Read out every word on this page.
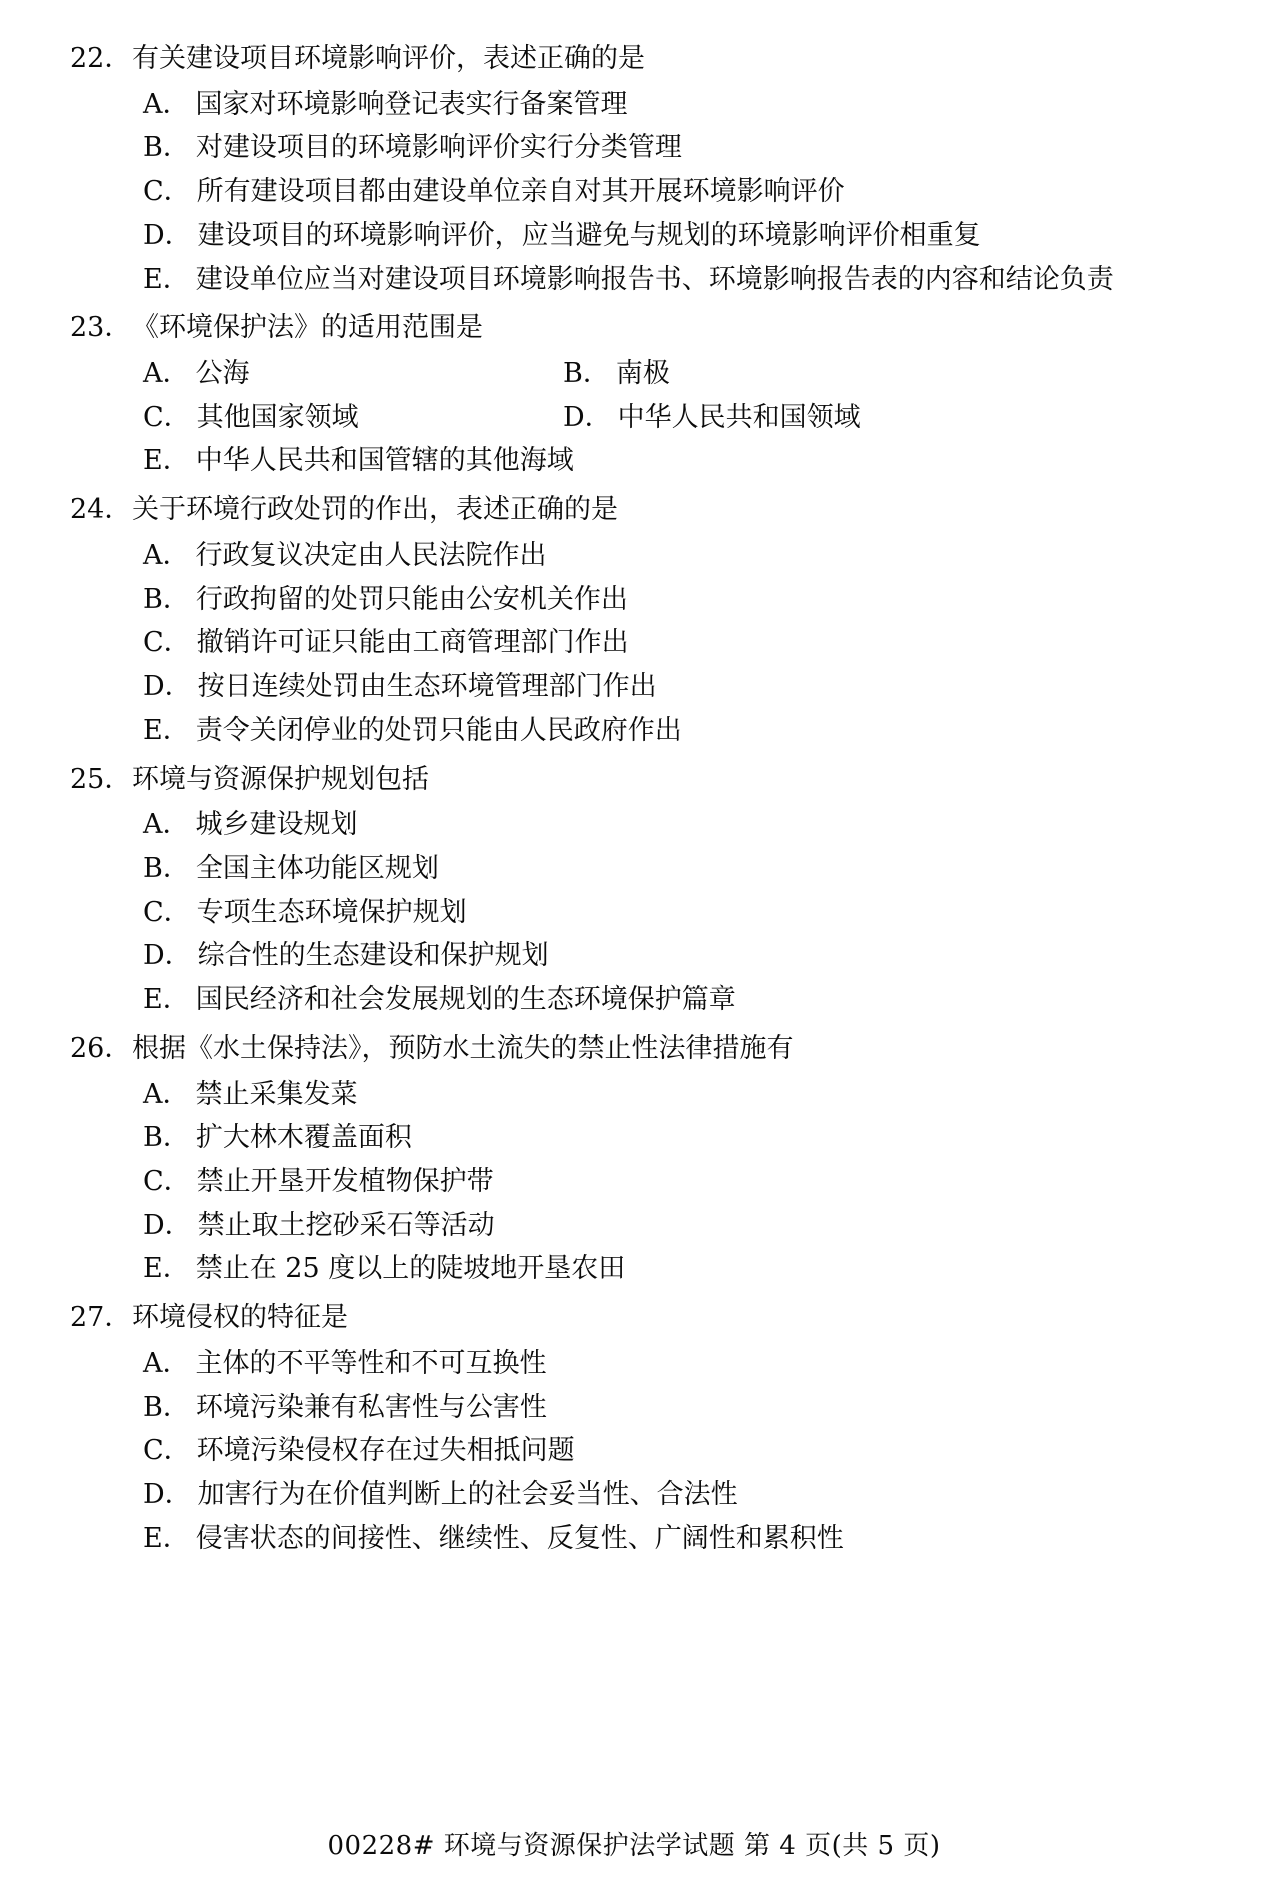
22． 有关建设项目环境影响评价，表述正确的是
A． 国家对环境影响登记表实行备案管理
B． 对建设项目的环境影响评价实行分类管理
C． 所有建设项目都由建设单位亲自对其开展环境影响评价
D． 建设项目的环境影响评价，应当避免与规划的环境影响评价相重复
E． 建设单位应当对建设项目环境影响报告书、环境影响报告表的内容和结论负责
23． 《环境保护法》的适用范围是
A． 公海	B． 南极
C． 其他国家领域	D． 中华人民共和国领域
E． 中华人民共和国管辖的其他海域
24． 关于环境行政处罚的作出，表述正确的是
A． 行政复议决定由人民法院作出
B． 行政拘留的处罚只能由公安机关作出
C． 撤销许可证只能由工商管理部门作出
D． 按日连续处罚由生态环境管理部门作出
E． 责令关闭停业的处罚只能由人民政府作出
25． 环境与资源保护规划包括
A． 城乡建设规划
B． 全国主体功能区规划
C． 专项生态环境保护规划
D． 综合性的生态建设和保护规划
E． 国民经济和社会发展规划的生态环境保护篇章
26． 根据《水土保持法》，预防水土流失的禁止性法律措施有
A． 禁止采集发菜
B． 扩大林木覆盖面积
C． 禁止开垦开发植物保护带
D． 禁止取土挖砂采石等活动
E． 禁止在 25 度以上的陡坡地开垦农田
27． 环境侵权的特征是
A． 主体的不平等性和不可互换性
B． 环境污染兼有私害性与公害性
C． 环境污染侵权存在过失相抵问题
D． 加害行为在价值判断上的社会妥当性、合法性
E． 侵害状态的间接性、继续性、反复性、广阔性和累积性
00228# 环境与资源保护法学试题 第 4 页(共 5 页)
